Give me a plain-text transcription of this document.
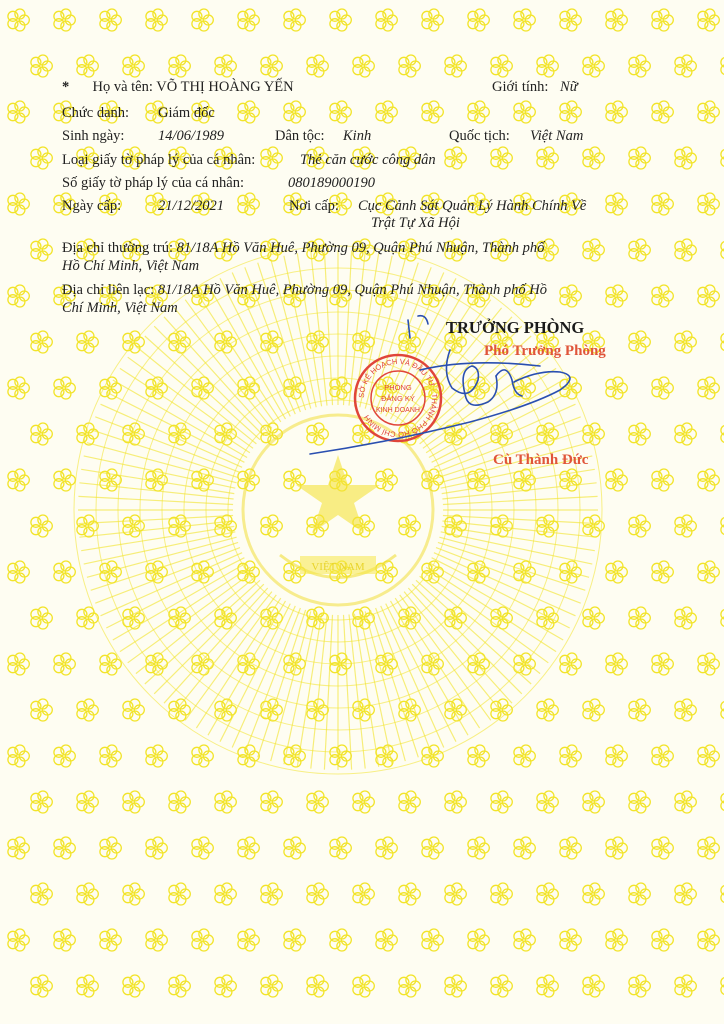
VIỆT NAM
* Họ và tên: VÕ THỊ HOÀNG YẾN	Giới tính: Nữ
Chức danh: Giám đốc
Sinh ngày: 14/06/1989	Dân tộc: Kinh	Quốc tịch: Việt Nam
Loại giấy tờ pháp lý của cá nhân:	Thẻ căn cước công dân
Số giấy tờ pháp lý của cá nhân:	080189000190
Ngày cấp:	21/12/2021	Nơi cấp: Cục Cảnh Sát Quản Lý Hành Chính Về
Trật Tự Xã Hội
Địa chỉ thường trú: 81/18A Hồ Văn Huê, Phường 09, Quận Phú Nhuận, Thành phố
Hồ Chí Minh, Việt Nam
Địa chỉ liên lạc: 81/18A Hồ Văn Huê, Phường 09, Quận Phú Nhuận, Thành phố Hồ
Chí Minh, Việt Nam
TRƯỞNG PHÒNG
Phó Trưởng Phòng
SỞ KẾ HOẠCH VÀ ĐẦU TƯ · THÀNH PHỐ HỒ CHÍ MINH
PHÒNG
ĐĂNG KÝ
KINH DOANH
Cù Thành Đức
